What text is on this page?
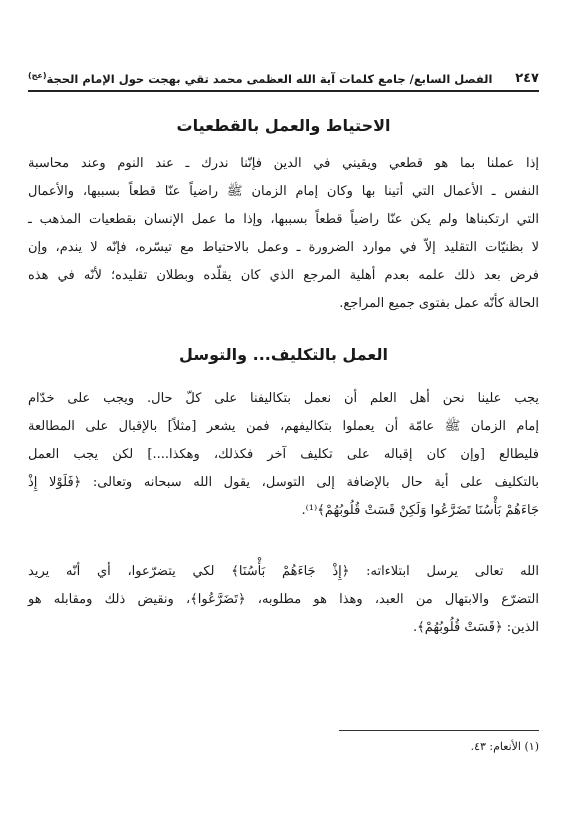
٢٤٧
الفصل السابع/ جامع كلمات آية الله العظمى محمد تقي بهجت حول الإمام الحجة$^{(عج)}$
الاحتياط والعمل بالقطعيات
إذا عملنا بما هو قطعي ويقيني في الدين فإنّنا ندرك ـ عند النوم وعند محاسبة
النفس ـ الأعمال التي أتينا بها وكان إمام الزمان ﷺ راضياً عنّا قطعاً بسببها، والأعمال
التي ارتكبناها ولم يكن عنّا راضياً قطعاً بسببها، وإذا ما عمل الإنسان بقطعيات المذهب ـ
لا بظنيّات التقليد إلاّ في موارد الضرورة ـ وعمل بالاحتياط مع تيسّره، فإنّه لا يندم، وإن
فرض بعد ذلك علمه بعدم أهلية المرجع الذي كان يقلّده وبطلان تقليده؛ لأنّه في هذه
الحالة كأنّه عمل بفتوى جميع المراجع.
العمل بالتكليف... والتوسل
يجب علينا نحن أهل العلم أن نعمل بتكاليفنا على كلّ حال. ويجب على خدّام
إمام الزمان ﷺ عامّة أن يعملوا بتكاليفهم، فمن يشعر [مثلاً] بالإقبال على المطالعة
فليطالع [وإن كان إقباله على تكليف آخر فكذلك، وهكذا....] لكن يجب العمل
بالتكليف على أية حال بالإضافة إلى التوسل، يقول الله سبحانه وتعالى: ﴿فَلَوْلا إِذْ
جَاءَهُمْ بَأْسُنَا تَضَرَّعُوا وَلَكِنْ قَسَتْ قُلُوبُهُمْ﴾⁽¹⁾.
الله تعالى يرسل ابتلاءاته: ﴿إِذْ جَاءَهُمْ بَأْسُنَا﴾ لكي يتضرّعوا، أي أنّه يريد
التضرّع والابتهال من العبد، وهذا هو مطلوبه، ﴿تَضَرَّعُوا﴾، ونقيض ذلك ومقابله هو
الذين: ﴿قَسَتْ قُلُوبُهُمْ﴾.
(١) الأنعام: ٤٣.
